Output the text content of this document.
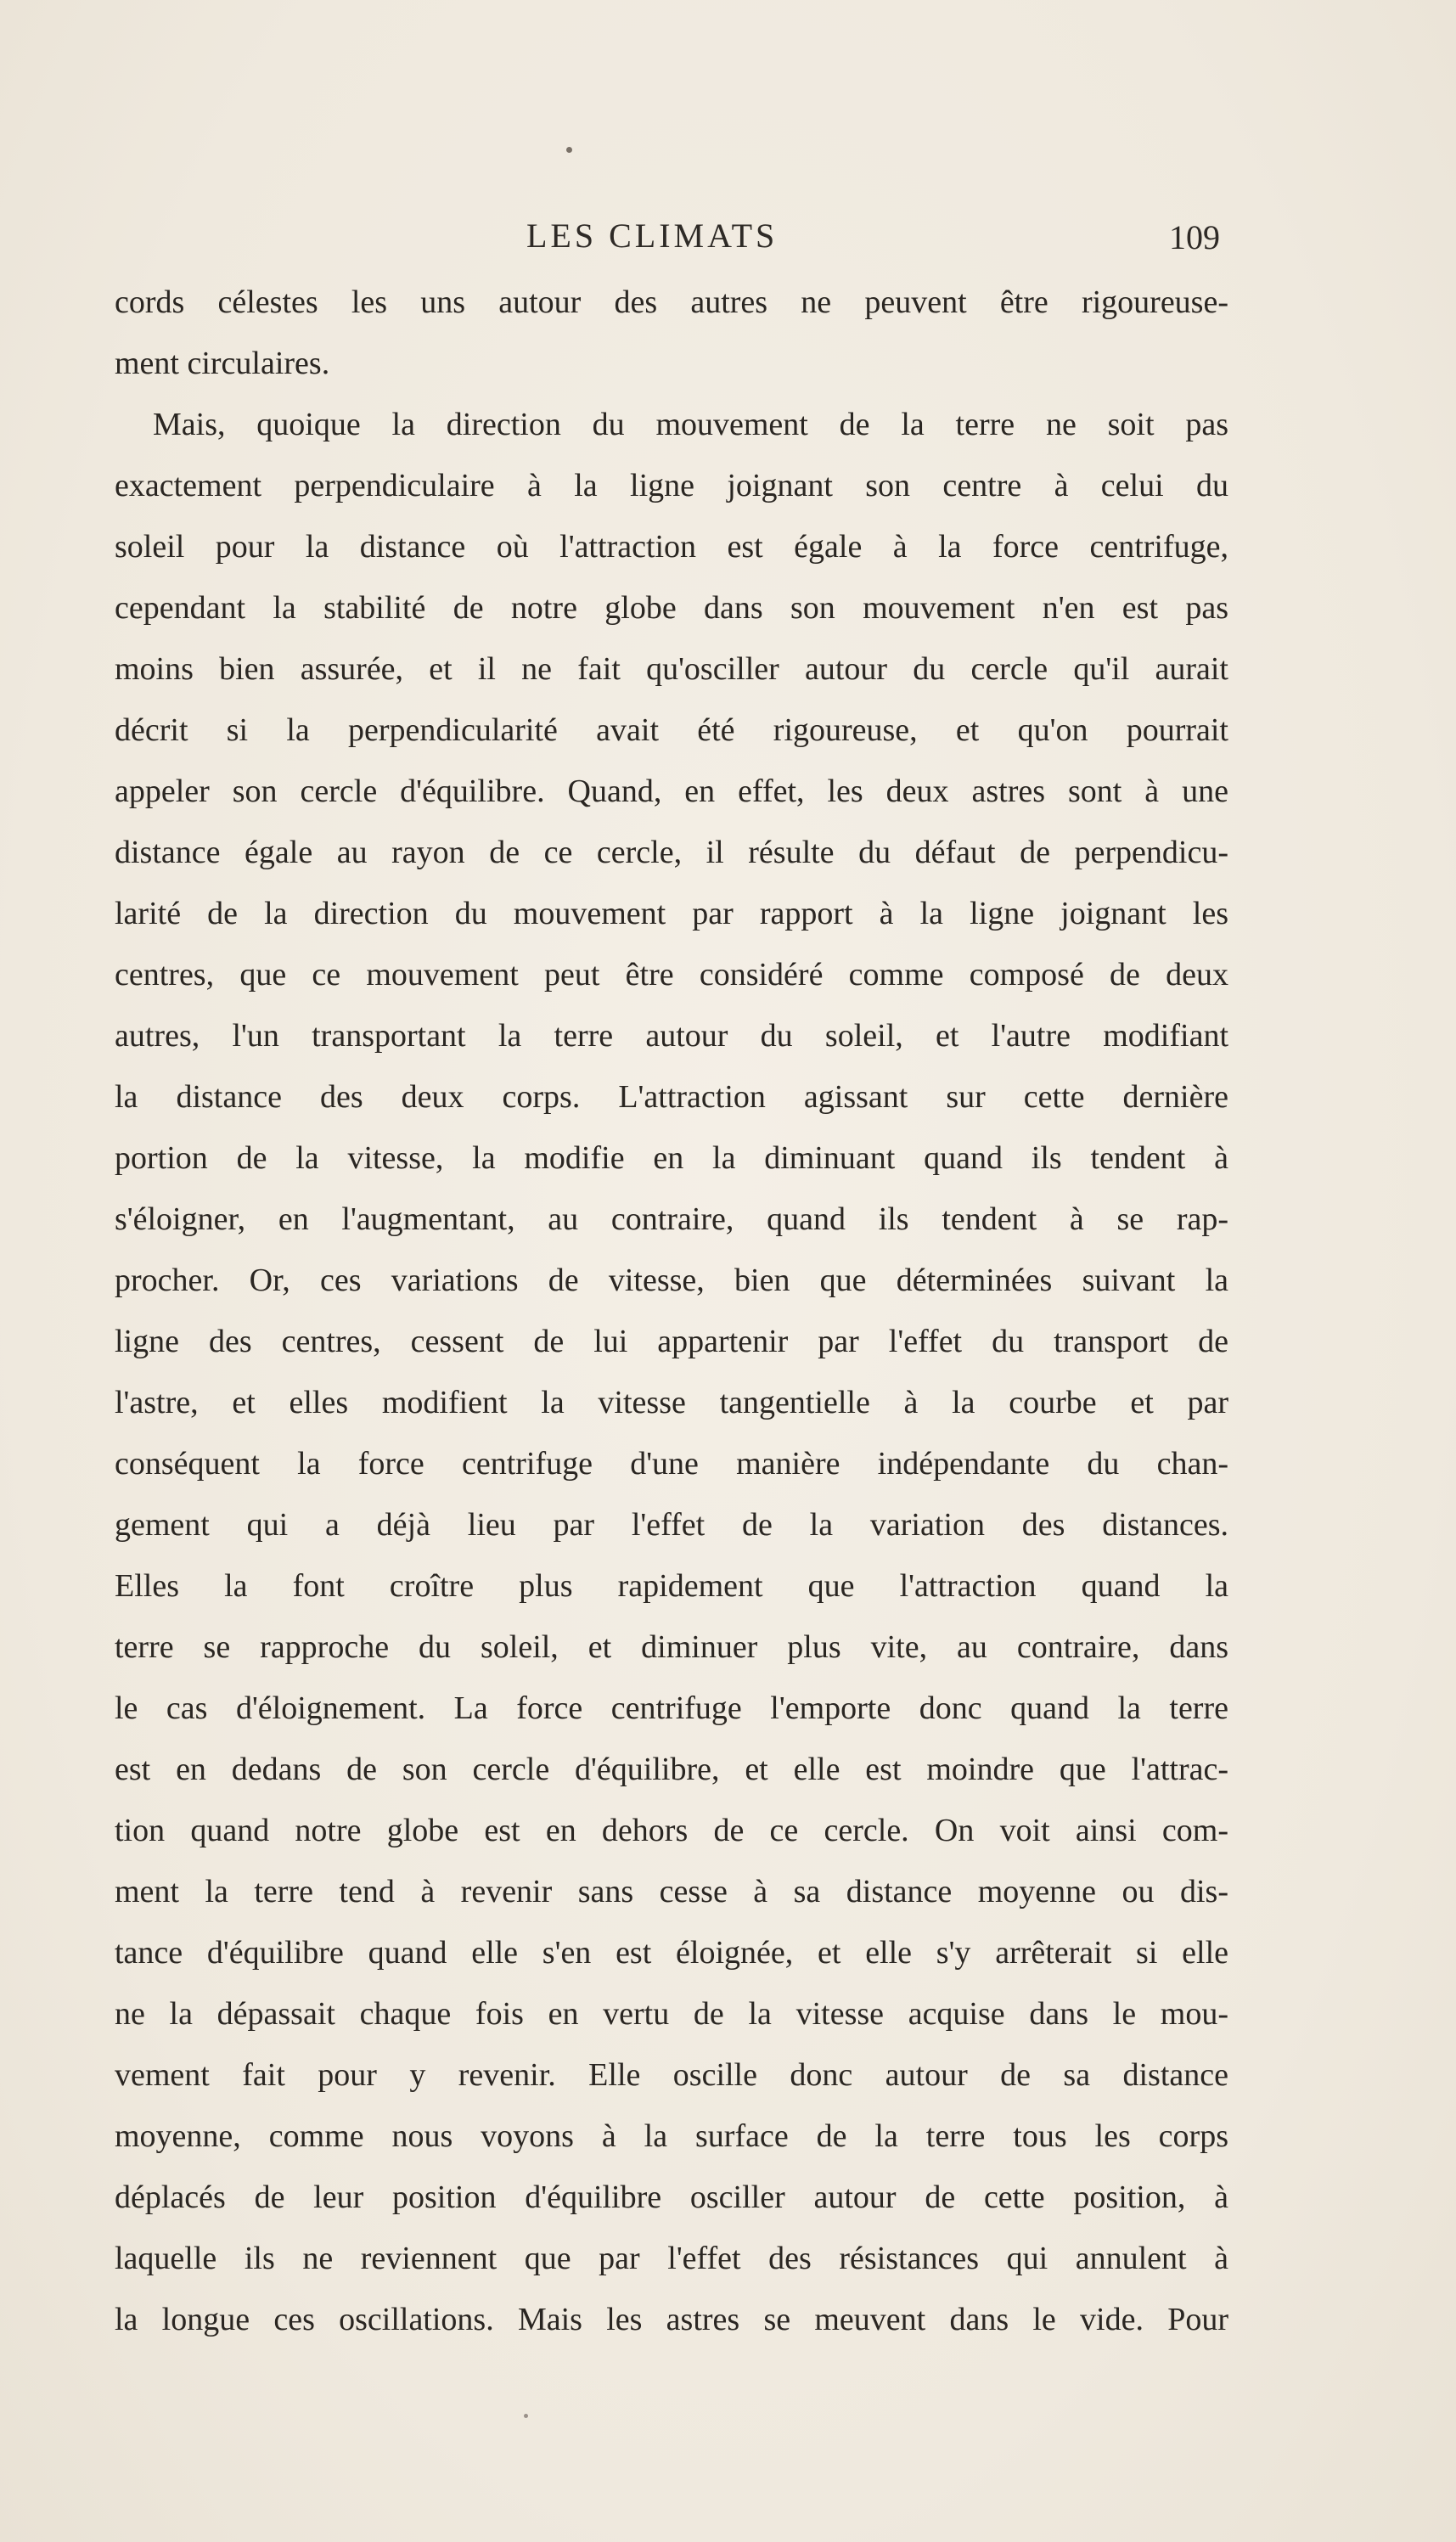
LES CLIMATS	109
cords célestes les uns autour des autres ne peuvent être rigoureuse-
ment circulaires.
Mais, quoique la direction du mouvement de la terre ne soit pas
exactement perpendiculaire à la ligne joignant son centre à celui du
soleil pour la distance où l'attraction est égale à la force centrifuge,
cependant la stabilité de notre globe dans son mouvement n'en est pas
moins bien assurée, et il ne fait qu'osciller autour du cercle qu'il aurait
décrit si la perpendicularité avait été rigoureuse, et qu'on pourrait
appeler son cercle d'équilibre. Quand, en effet, les deux astres sont à une
distance égale au rayon de ce cercle, il résulte du défaut de perpendicu-
larité de la direction du mouvement par rapport à la ligne joignant les
centres, que ce mouvement peut être considéré comme composé de deux
autres, l'un transportant la terre autour du soleil, et l'autre modifiant
la distance des deux corps. L'attraction agissant sur cette dernière
portion de la vitesse, la modifie en la diminuant quand ils tendent à
s'éloigner, en l'augmentant, au contraire, quand ils tendent à se rap-
procher. Or, ces variations de vitesse, bien que déterminées suivant la
ligne des centres, cessent de lui appartenir par l'effet du transport de
l'astre, et elles modifient la vitesse tangentielle à la courbe et par
conséquent la force centrifuge d'une manière indépendante du chan-
gement qui a déjà lieu par l'effet de la variation des distances.
Elles la font croître plus rapidement que l'attraction quand la
terre se rapproche du soleil, et diminuer plus vite, au contraire, dans
le cas d'éloignement. La force centrifuge l'emporte donc quand la terre
est en dedans de son cercle d'équilibre, et elle est moindre que l'attrac-
tion quand notre globe est en dehors de ce cercle. On voit ainsi com-
ment la terre tend à revenir sans cesse à sa distance moyenne ou dis-
tance d'équilibre quand elle s'en est éloignée, et elle s'y arrêterait si elle
ne la dépassait chaque fois en vertu de la vitesse acquise dans le mou-
vement fait pour y revenir. Elle oscille donc autour de sa distance
moyenne, comme nous voyons à la surface de la terre tous les corps
déplacés de leur position d'équilibre osciller autour de cette position, à
laquelle ils ne reviennent que par l'effet des résistances qui annulent à
la longue ces oscillations. Mais les astres se meuvent dans le vide. Pour
